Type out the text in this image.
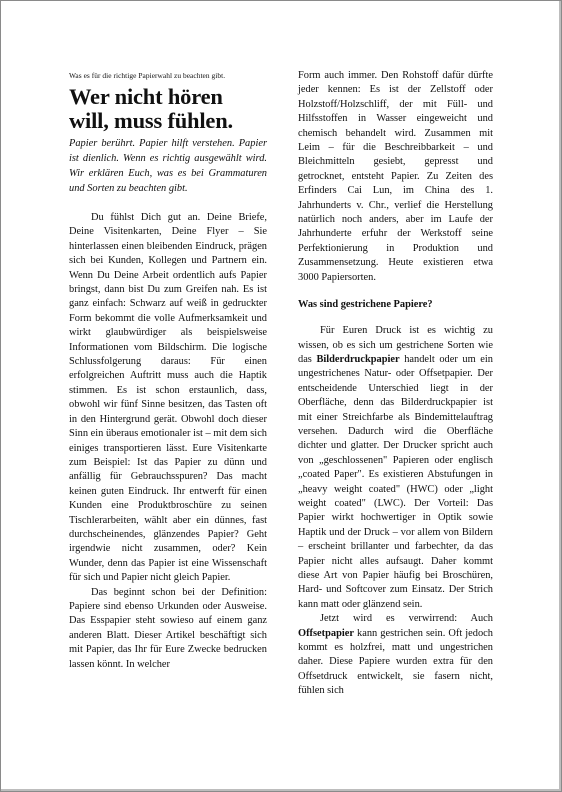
Was es für die richtige Papierwahl zu beachten gibt.
Wer nicht hören will, muss fühlen.
Papier berührt. Papier hilft verstehen. Papier ist dienlich. Wenn es richtig ausgewählt wird. Wir erklären Euch, was es bei Grammaturen und Sorten zu beachten gibt.

Du fühlst Dich gut an. Deine Briefe, Deine Visitenkarten, Deine Flyer – Sie hinterlassen einen bleibenden Eindruck, prägen sich bei Kunden, Kollegen und Partnern ein. Wenn Du Deine Arbeit ordentlich aufs Papier bringst, dann bist Du zum Greifen nah. Es ist ganz einfach: Schwarz auf weiß in gedruckter Form bekommt die volle Aufmerksamkeit und wirkt glaubwürdiger als beispielsweise Informationen vom Bildschirm. Die logische Schlussfolgerung daraus: Für einen erfolgreichen Auftritt muss auch die Haptik stimmen. Es ist schon erstaunlich, dass, obwohl wir fünf Sinne besitzen, das Tasten oft in den Hintergrund gerät. Obwohl doch dieser Sinn ein überaus emotionaler ist – mit dem sich einiges transportieren lässt. Eure Visitenkarte zum Beispiel: Ist das Papier zu dünn und anfällig für Gebrauchsspuren? Das macht keinen guten Eindruck. Ihr entwerft für einen Kunden eine Produktbroschüre zu seinen Tischlerarbeiten, wählt aber ein dünnes, fast durchscheinendes, glänzendes Papier? Geht irgendwie nicht zusammen, oder? Kein Wunder, denn das Papier ist eine Wissenschaft für sich und Papier nicht gleich Papier.

Das beginnt schon bei der Definition: Papiere sind ebenso Urkunden oder Ausweise. Das Esspapier steht sowieso auf einem ganz anderen Blatt. Dieser Artikel beschäftigt sich mit Papier, das Ihr für Eure Zwecke bedrucken lassen könnt. In welcher

Form auch immer. Den Rohstoff dafür dürfte jeder kennen: Es ist der Zellstoff oder Holzstoff/Holzschliff, der mit Füll- und Hilfsstoffen in Wasser eingeweicht und chemisch behandelt wird. Zusammen mit Leim – für die Beschreibbarkeit – und Bleichmitteln gesiebt, gepresst und getrocknet, entsteht Papier. Zu Zeiten des Erfinders Cai Lun, im China des 1. Jahrhunderts v. Chr., verlief die Herstellung natürlich noch anders, aber im Laufe der Jahrhunderte erfuhr der Werkstoff seine Perfektionierung in Produktion und Zusammensetzung. Heute existieren etwa 3000 Papiersorten.

Was sind gestrichene Papiere?

Für Euren Druck ist es wichtig zu wissen, ob es sich um gestrichene Sorten wie das Bilderdruckpapier handelt oder um ein ungestrichenes Natur- oder Offsetpapier. Der entscheidende Unterschied liegt in der Oberfläche, denn das Bilderdruckpapier ist mit einer Streichfarbe als Bindemittelauftrag versehen. Dadurch wird die Oberfläche dichter und glatter. Der Drucker spricht auch von „geschlossenen" Papieren oder englisch „coated Paper". Es existieren Abstufungen in „heavy weight coated" (HWC) oder „light weight coated" (LWC). Der Vorteil: Das Papier wirkt hochwertiger in Optik sowie Haptik und der Druck – vor allem von Bildern – erscheint brillanter und farbechter, da das Papier nicht alles aufsaugt. Daher kommt diese Art von Papier häufig bei Broschüren, Hard- und Softcover zum Einsatz. Der Strich kann matt oder glänzend sein.

Jetzt wird es verwirrend: Auch Offsetpapier kann gestrichen sein. Oft jedoch kommt es holzfrei, matt und ungestrichen daher. Diese Papiere wurden extra für den Offsetdruck entwickelt, sie fasern nicht, fühlen sich
